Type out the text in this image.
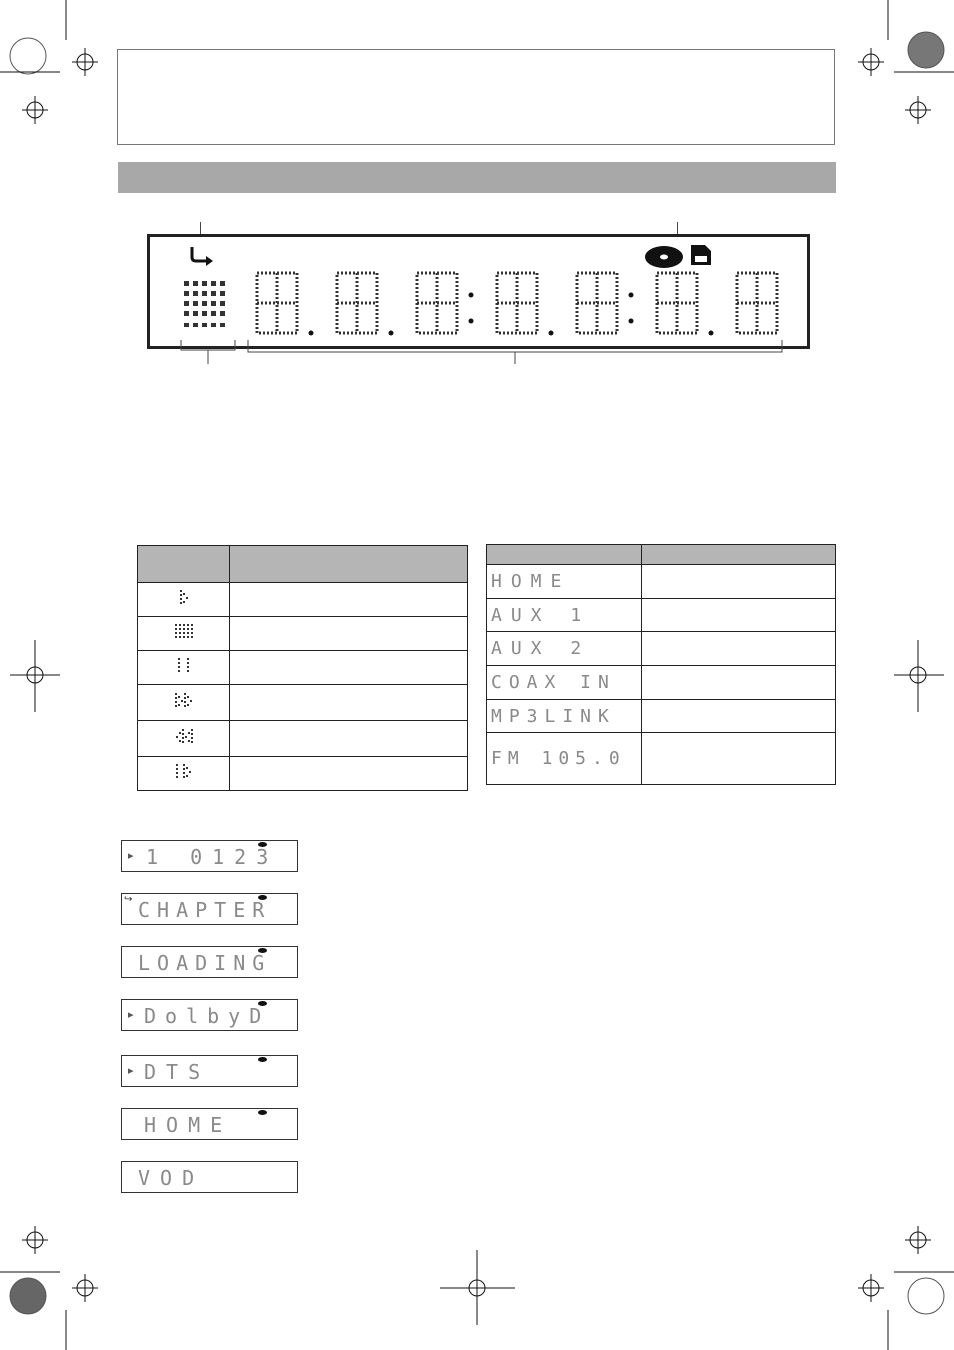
HOME	
AUX 1	
AUX 2	
COAX IN	
MP3LINK	
FM 105.0	
▸ 1 0123
↪ CHAPTER
LOADING
▸ DolbyD
▸ DTS
HOME
VOD
